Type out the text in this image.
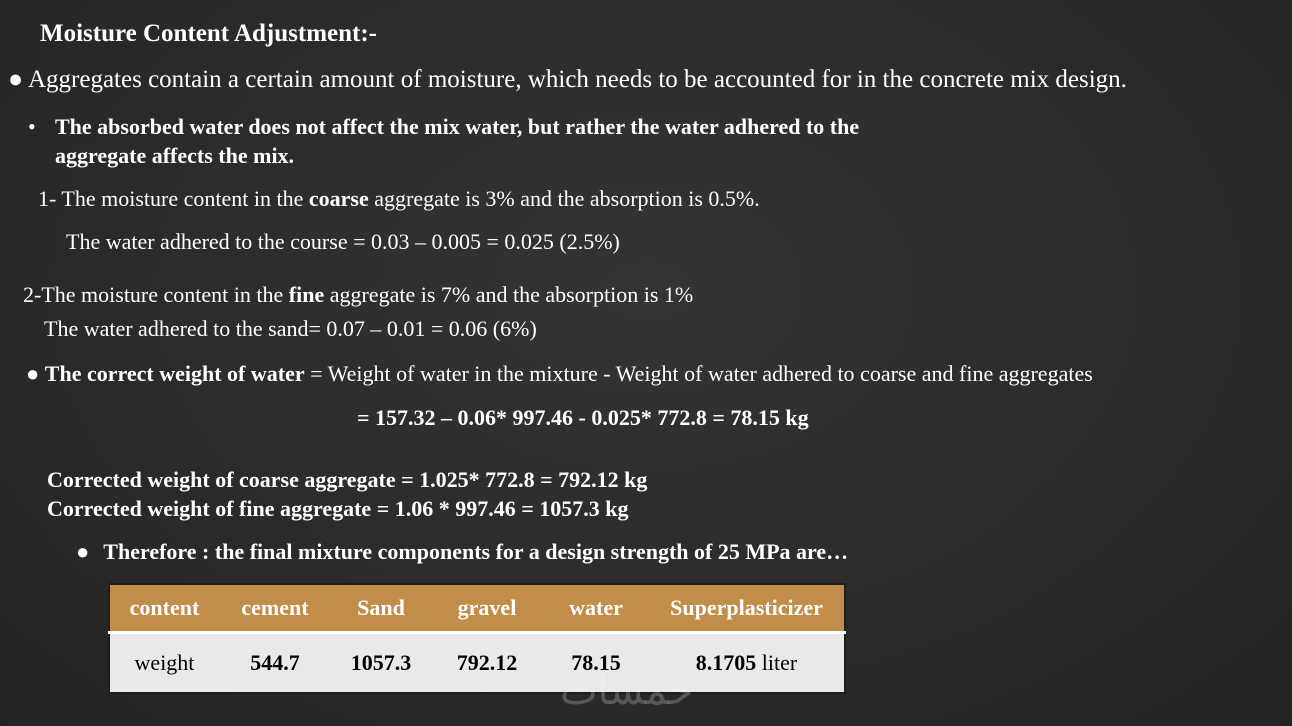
Moisture Content Adjustment:-
● Aggregates contain a certain amount of moisture, which needs to be accounted for in the concrete mix design.
• The absorbed water does not affect the mix water, but rather the water adhered to the
aggregate affects the mix.
1- The moisture content in the coarse aggregate is 3% and the absorption is 0.5%.
The water adhered to the course = 0.03 – 0.005 = 0.025 (2.5%)
2-The moisture content in the fine aggregate is 7% and the absorption is 1%
The water adhered to the sand= 0.07 – 0.01 = 0.06 (6%)
● The correct weight of water = Weight of water in the mixture - Weight of water adhered to coarse and fine aggregates
= 157.32 – 0.06* 997.46 - 0.025* 772.8 = 78.15 kg
Corrected weight of coarse aggregate = 1.025* 772.8 = 792.12 kg
Corrected weight of fine aggregate = 1.06 * 997.46 = 1057.3 kg
● Therefore : the final mixture components for a design strength of 25 MPa are…
content	cement	Sand	gravel	water	Superplasticizer
weight	544.7	1057.3	792.12	78.15	8.1705 liter
خمسات
